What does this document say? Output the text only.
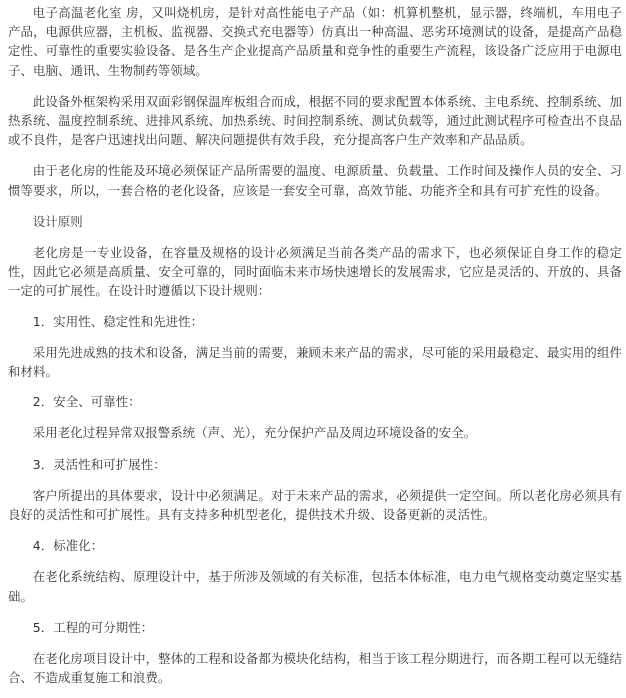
电子高温老化室 房，又叫烧机房，是针对高性能电子产品（如：机算机整机，显示器，终端机，车用电子产品，电源供应器，主机板、监视器、交换式充电器等）仿真出一种高温、恶劣环境测试的设备，是提高产品稳定性、可靠性的重要实验设备、是各生产企业提高产品质量和竞争性的重要生产流程，该设备广泛应用于电源电子、电脑、通讯、生物制药等领域。

此设备外框架构采用双面彩钢保温库板组合而成，根据不同的要求配置本体系统、主电系统、控制系统、加热系统、温度控制系统、进排风系统、加热系统、时间控制系统、测试负载等，通过此测试程序可检查出不良品或不良件，是客户迅速找出问题、解决问题提供有效手段，充分提高客户生产效率和产品品质。

由于老化房的性能及环境必须保证产品所需要的温度、电源质量、负载量、工作时间及操作人员的安全、习惯等要求，所以，一套合格的老化设备，应该是一套安全可靠，高效节能、功能齐全和具有可扩充性的设备。

设计原则

老化房是一专业设备，在容量及规格的设计必须满足当前各类产品的需求下，也必须保证自身工作的稳定性，因此它必须是高质量、安全可靠的，同时面临未来市场快速增长的发展需求，它应是灵活的、开放的、具备一定的可扩展性。在设计时遵循以下设计规则：

1．实用性、稳定性和先进性：

采用先进成熟的技术和设备，满足当前的需要，兼顾未来产品的需求，尽可能的采用最稳定、最实用的组件和材料。

2．安全、可靠性：

采用老化过程异常双报警系统（声、光），充分保护产品及周边环境设备的安全。

3．灵活性和可扩展性：

客户所提出的具体要求，设计中必须满足。对于未来产品的需求，必须提供一定空间。所以老化房必须具有良好的灵活性和可扩展性。具有支持多种机型老化，提供技术升级、设备更新的灵活性。

4．标准化：

在老化系统结构、原理设计中，基于所涉及领域的有关标准，包括本体标准，电力电气规格变动奠定坚实基础。

5．工程的可分期性：

在老化房项目设计中，整体的工程和设备都为模块化结构，相当于该工程分期进行，而各期工程可以无缝结合、不造成重复施工和浪费。
